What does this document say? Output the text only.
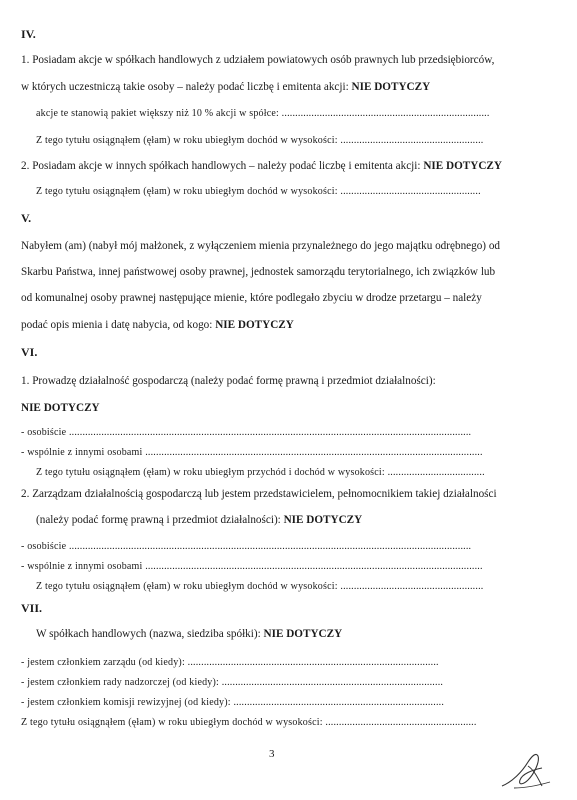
IV.
1. Posiadam akcje w spółkach handlowych z udziałem powiatowych osób prawnych lub przedsiębiorców,
w których uczestniczą takie osoby – należy podać liczbę i emitenta akcji: NIE DOTYCZY
akcje te stanowią pakiet większy niż 10 % akcji w spółce: .............................................................................
Z tego tytułu osiągnąłem (ęłam) w roku ubiegłym dochód w wysokości: .....................................................
2. Posiadam akcje w innych spółkach handlowych – należy podać liczbę i emitenta akcji: NIE DOTYCZY
Z tego tytułu osiągnąłem (ęłam) w roku ubiegłym dochód w wysokości: ....................................................
V.
Nabyłem (am) (nabył mój małżonek, z wyłączeniem mienia przynależnego do jego majątku odrębnego) od
Skarbu Państwa, innej państwowej osoby prawnej, jednostek samorządu terytorialnego, ich związków lub
od komunalnej osoby prawnej następujące mienie, które podlegało zbyciu w drodze przetargu – należy
podać opis mienia i datę nabycia, od kogo: NIE DOTYCZY
VI.
1. Prowadzę działalność gospodarczą (należy podać formę prawną i przedmiot działalności):
NIE DOTYCZY
- osobiście .....................................................................................................................................................
- wspólnie z innymi osobami .............................................................................................................................
Z tego tytułu osiągnąłem (ęłam) w roku ubiegłym przychód i dochód w wysokości: ....................................
2. Zarządzam działalnością gospodarczą lub jestem przedstawicielem, pełnomocnikiem takiej działalności
(należy podać formę prawną i przedmiot działalności): NIE DOTYCZY
- osobiście .....................................................................................................................................................
- wspólnie z innymi osobami .............................................................................................................................
Z tego tytułu osiągnąłem (ęłam) w roku ubiegłym dochód w wysokości: .....................................................
VII.
W spółkach handlowych (nazwa, siedziba spółki): NIE DOTYCZY
- jestem członkiem zarządu (od kiedy): .............................................................................................
- jestem członkiem rady nadzorczej (od kiedy): ..................................................................................
- jestem członkiem komisji rewizyjnej (od kiedy): ..............................................................................
Z tego tytułu osiągnąłem (ęłam) w roku ubiegłym dochód w wysokości: ........................................................
3
